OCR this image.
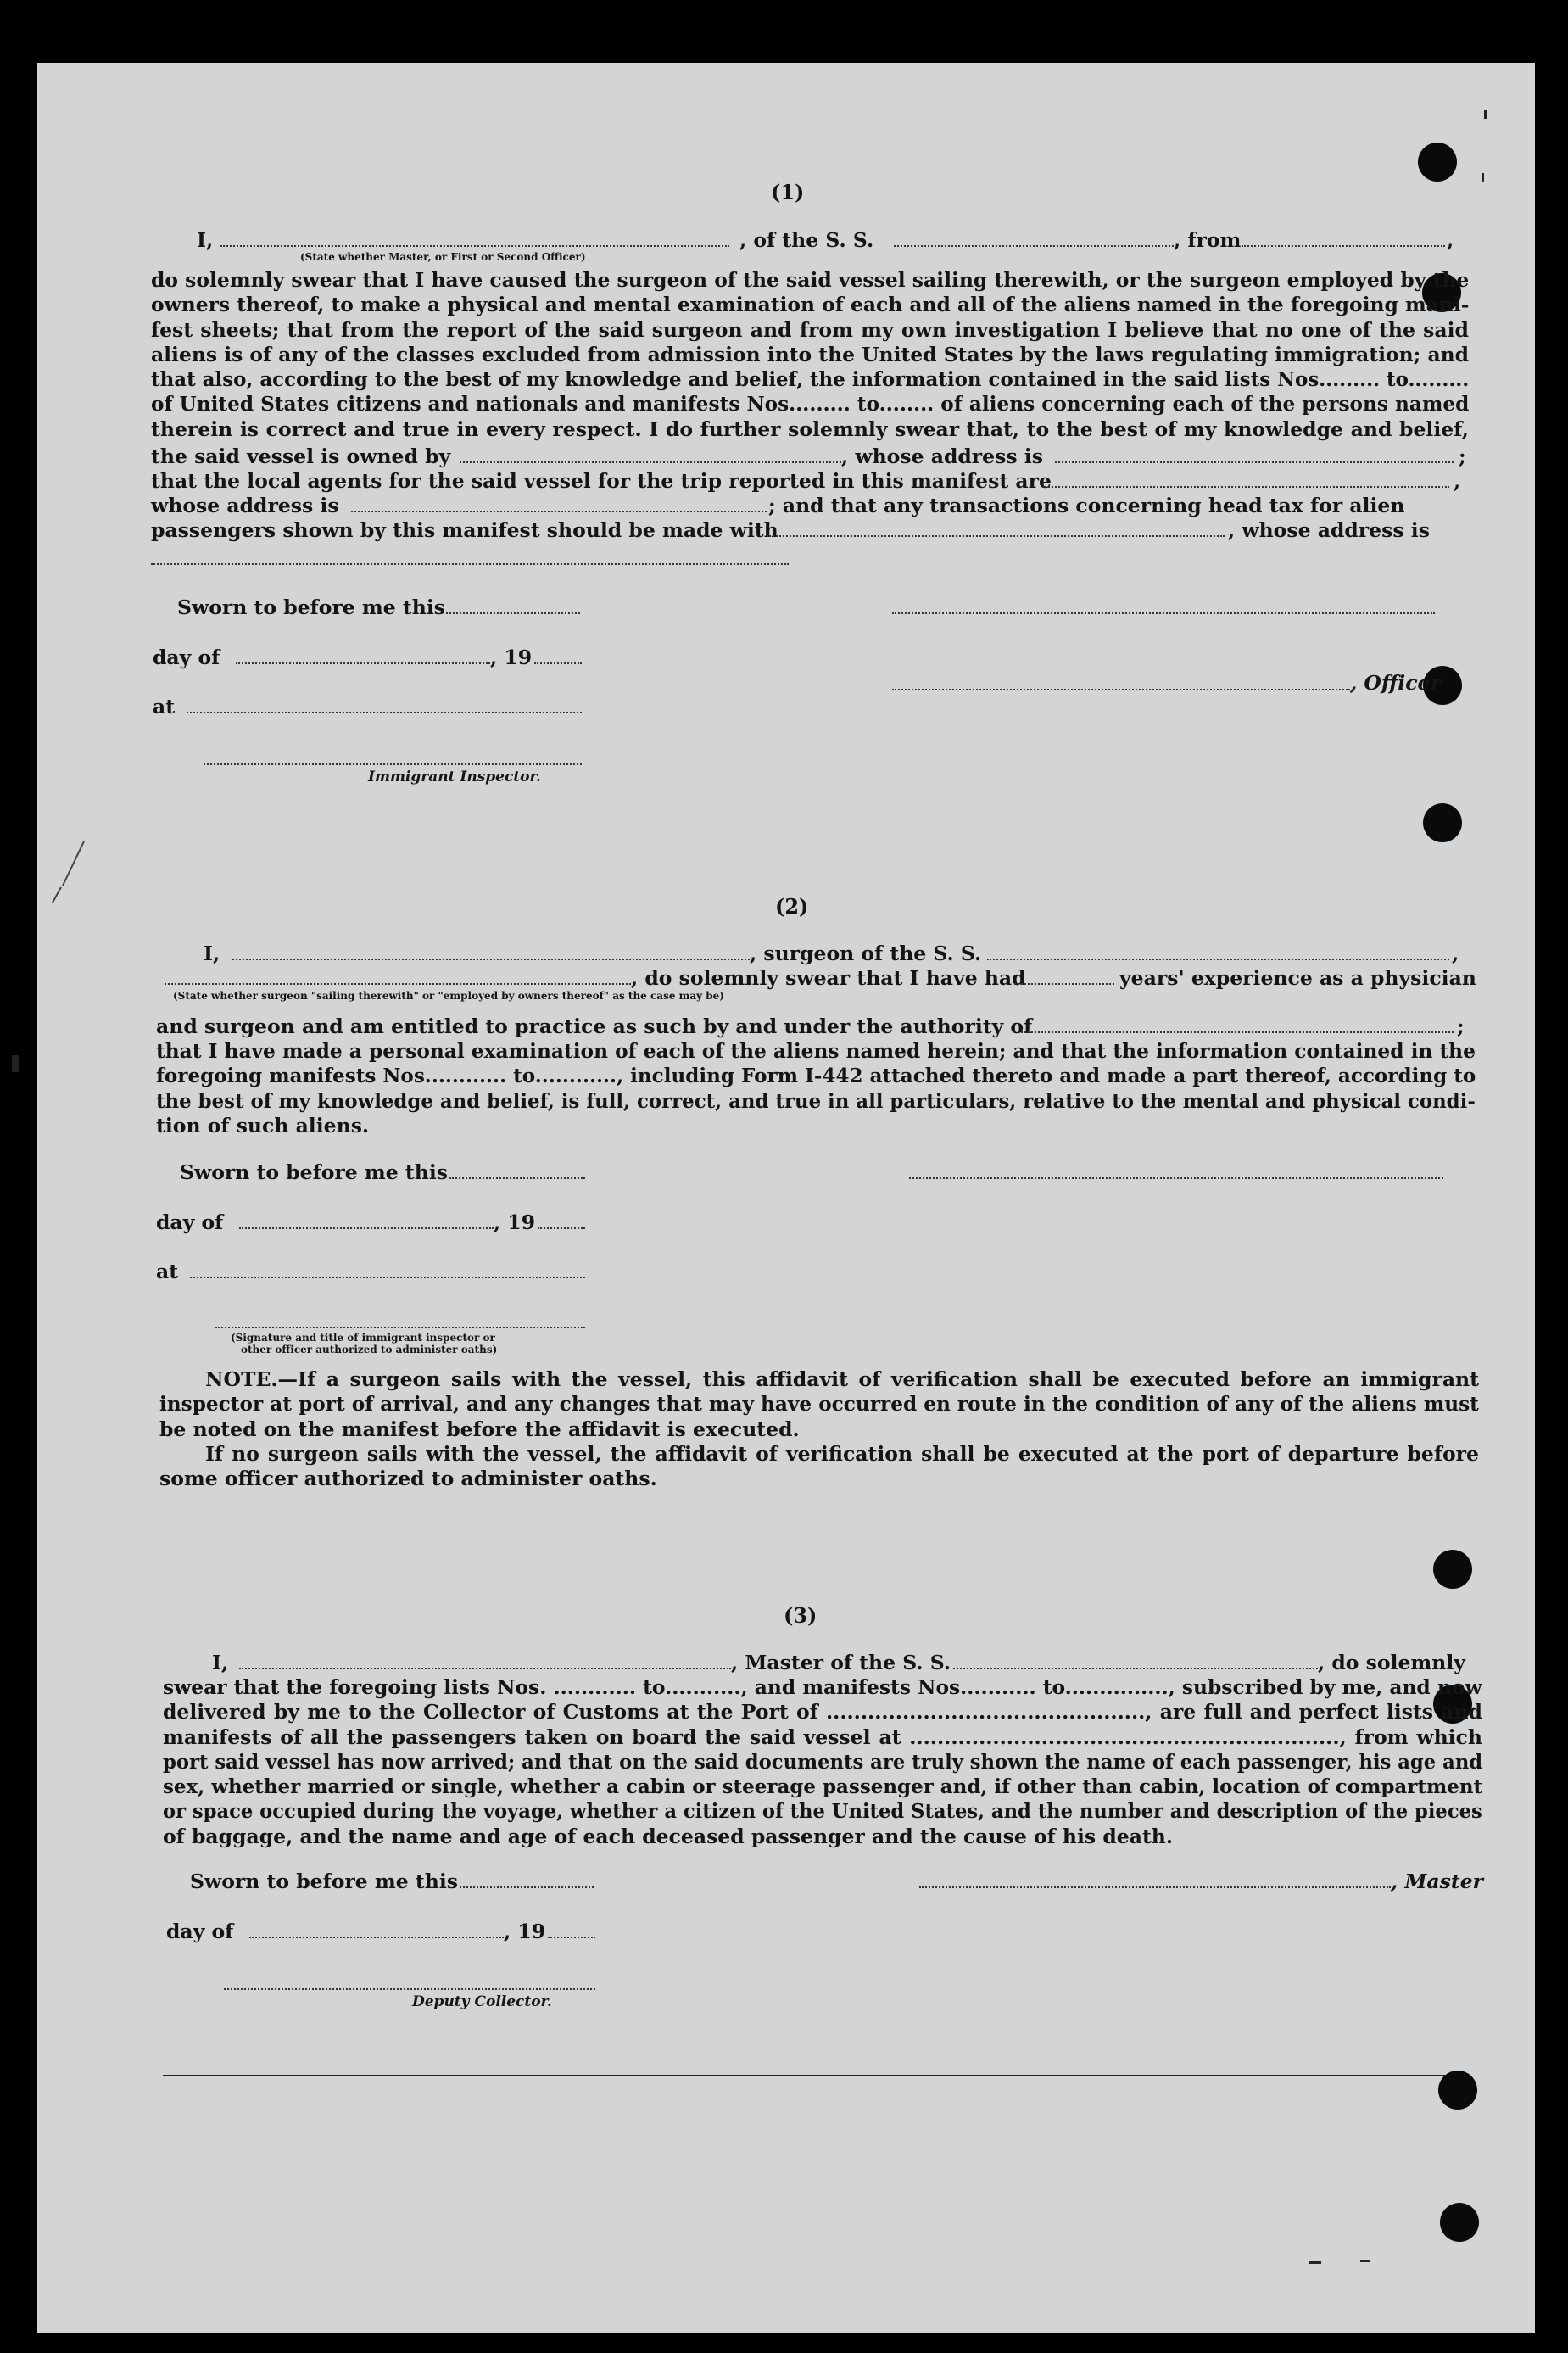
(1)
I,	, of the S. S.	, from	,
(State whether Master, or First or Second Officer)
do solemnly swear that I have caused the surgeon of the said vessel sailing therewith, or the surgeon employed by the
owners thereof, to make a physical and mental examination of each and all of the aliens named in the foregoing mani-
fest sheets; that from the report of the said surgeon and from my own investigation I believe that no one of the said
aliens is of any of the classes excluded from admission into the United States by the laws regulating immigration; and
that also, according to the best of my knowledge and belief, the information contained in the said lists Nos......... to.........
of United States citizens and nationals and manifests Nos......... to........ of aliens concerning each of the persons named
therein is correct and true in every respect. I do further solemnly swear that, to the best of my knowledge and belief,
the said vessel is owned by	, whose address is	;
that the local agents for the said vessel for the trip reported in this manifest are	,
whose address is	; and that any transactions concerning head tax for alien
passengers shown by this manifest should be made with	, whose address is
Sworn to before me this
day of	, 19
, Officer
at
Immigrant Inspector.
(2)
I,	, surgeon of the S. S.	,
, do solemnly swear that I have had	years' experience as a physician
(State whether surgeon "sailing therewith" or "employed by owners thereof" as the case may be)
and surgeon and am entitled to practice as such by and under the authority of	;
that I have made a personal examination of each of the aliens named herein; and that the information contained in the
foregoing manifests Nos............ to............, including Form I-442 attached thereto and made a part thereof, according to
the best of my knowledge and belief, is full, correct, and true in all particulars, relative to the mental and physical condi-
tion of such aliens.
Sworn to before me this
day of	, 19
at
(Signature and title of immigrant inspector or
other officer authorized to administer oaths)
NOTE.—If a surgeon sails with the vessel, this affidavit of verification shall be executed before an immigrant
inspector at port of arrival, and any changes that may have occurred en route in the condition of any of the aliens must
be noted on the manifest before the affidavit is executed.
If no surgeon sails with the vessel, the affidavit of verification shall be executed at the port of departure before
some officer authorized to administer oaths.
(3)
I,	, Master of the S. S.	, do solemnly
swear that the foregoing lists Nos. ............ to..........., and manifests Nos........... to..............., subscribed by me, and now
delivered by me to the Collector of Customs at the Port of .............................................., are full and perfect lists and
manifests of all the passengers taken on board the said vessel at .............................................................., from which
port said vessel has now arrived; and that on the said documents are truly shown the name of each passenger, his age and
sex, whether married or single, whether a cabin or steerage passenger and, if other than cabin, location of compartment
or space occupied during the voyage, whether a citizen of the United States, and the number and description of the pieces
of baggage, and the name and age of each deceased passenger and the cause of his death.
Sworn to before me this	, Master
day of	, 19
Deputy Collector.
